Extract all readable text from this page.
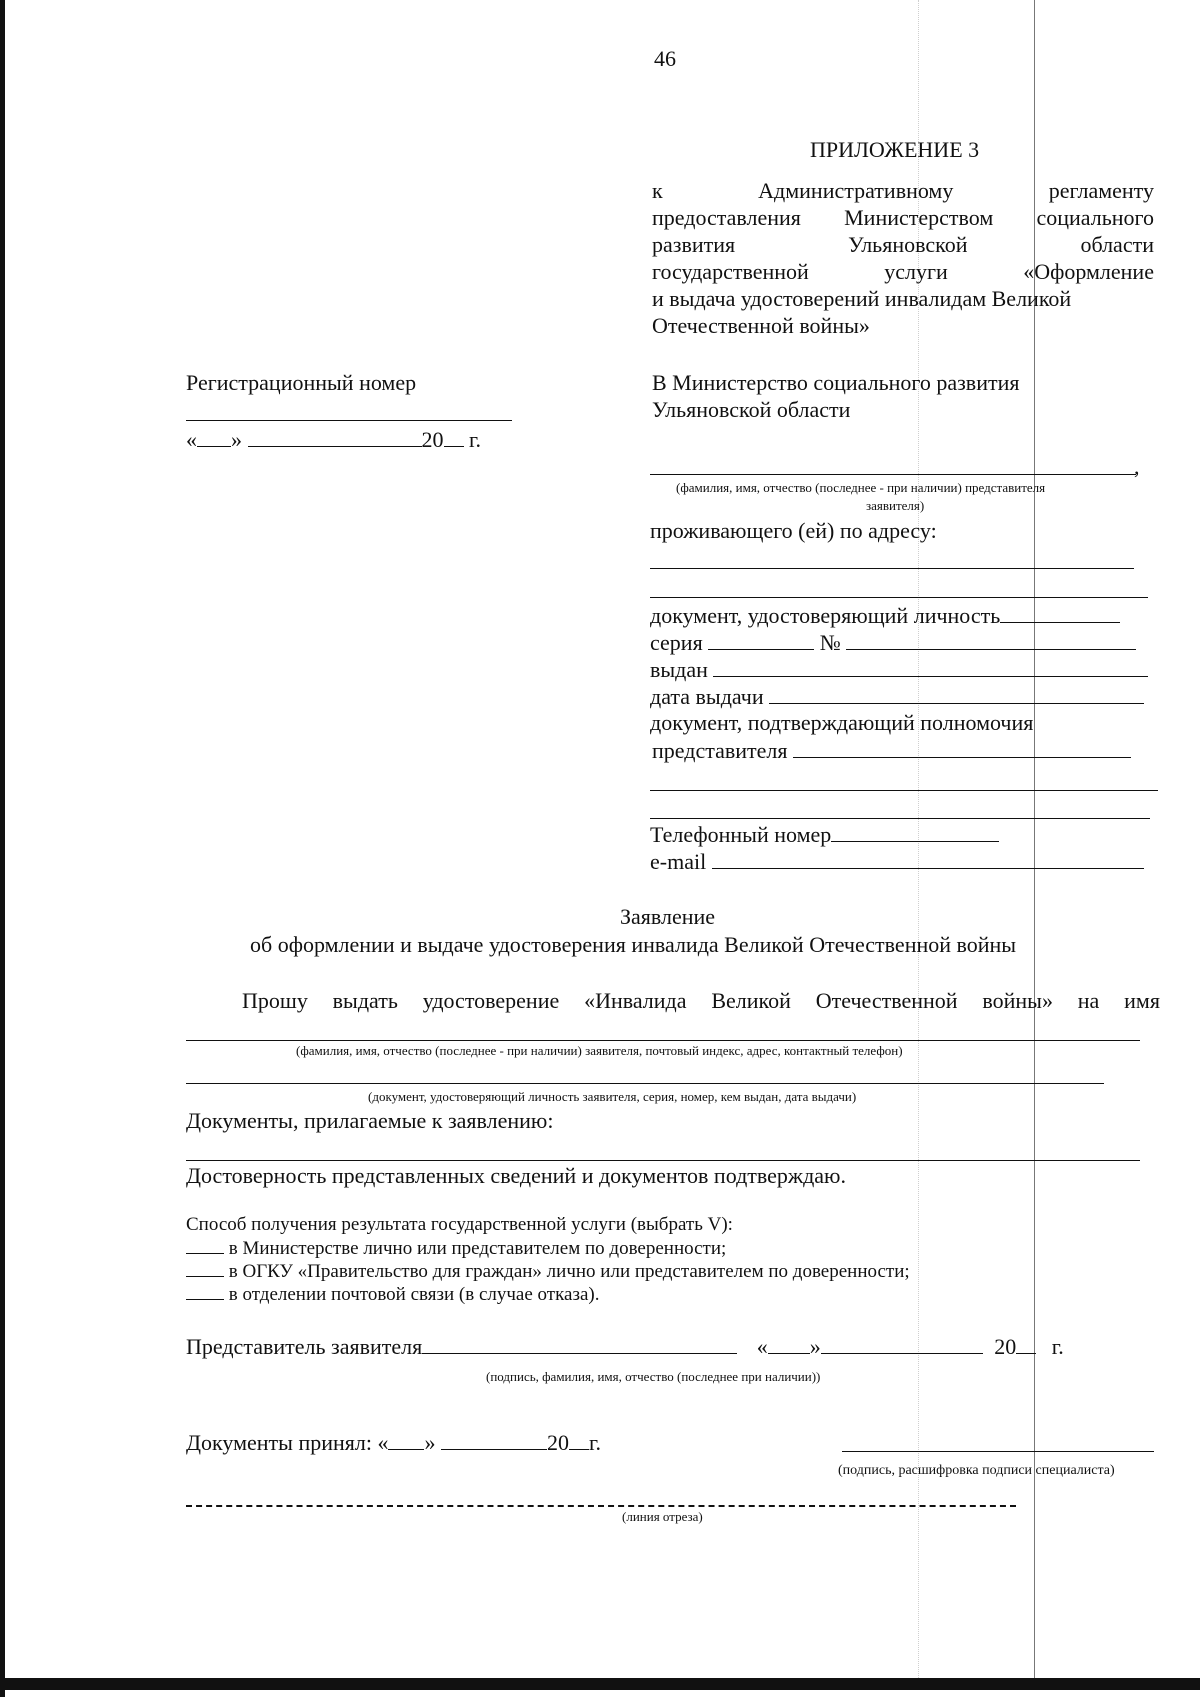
46
ПРИЛОЖЕНИЕ 3
к	Административному	регламенту
предоставления Министерством социального
развития	Ульяновской	области
государственной	услуги	«Оформление
и выдача удостоверений инвалидам Великой
Отечественной войны»
Регистрационный номер
« »	20 г.
В Министерство социального развития
Ульяновской области
,
(фамилия, имя, отчество (последнее - при наличии) представителя
заявителя)
проживающего (ей) по адресу:
документ, удостоверяющий личность
серия	№
выдан
дата выдачи
документ, подтверждающий полномочия
представителя
Телефонный номер
e-mail
Заявление
об оформлении и выдаче удостоверения инвалида Великой Отечественной войны
Прошу выдать удостоверение «Инвалида Великой Отечественной войны» на имя
(фамилия, имя, отчество (последнее - при наличии) заявителя, почтовый индекс, адрес, контактный телефон)
(документ, удостоверяющий личность заявителя, серия, номер, кем выдан, дата выдачи)
Документы, прилагаемые к заявлению:
Достоверность представленных сведений и документов подтверждаю.
Способ получения результата государственной услуги (выбрать V):
в Министерстве лично или представителем по доверенности;
в ОГКУ «Правительство для граждан» лично или представителем по доверенности;
в отделении почтовой связи (в случае отказа).
Представитель заявителя	« »	20 г.
(подпись, фамилия, имя, отчество (последнее при наличии))
Документы принял: « »	20 г.
(подпись, расшифровка подписи специалиста)
(линия отреза)
